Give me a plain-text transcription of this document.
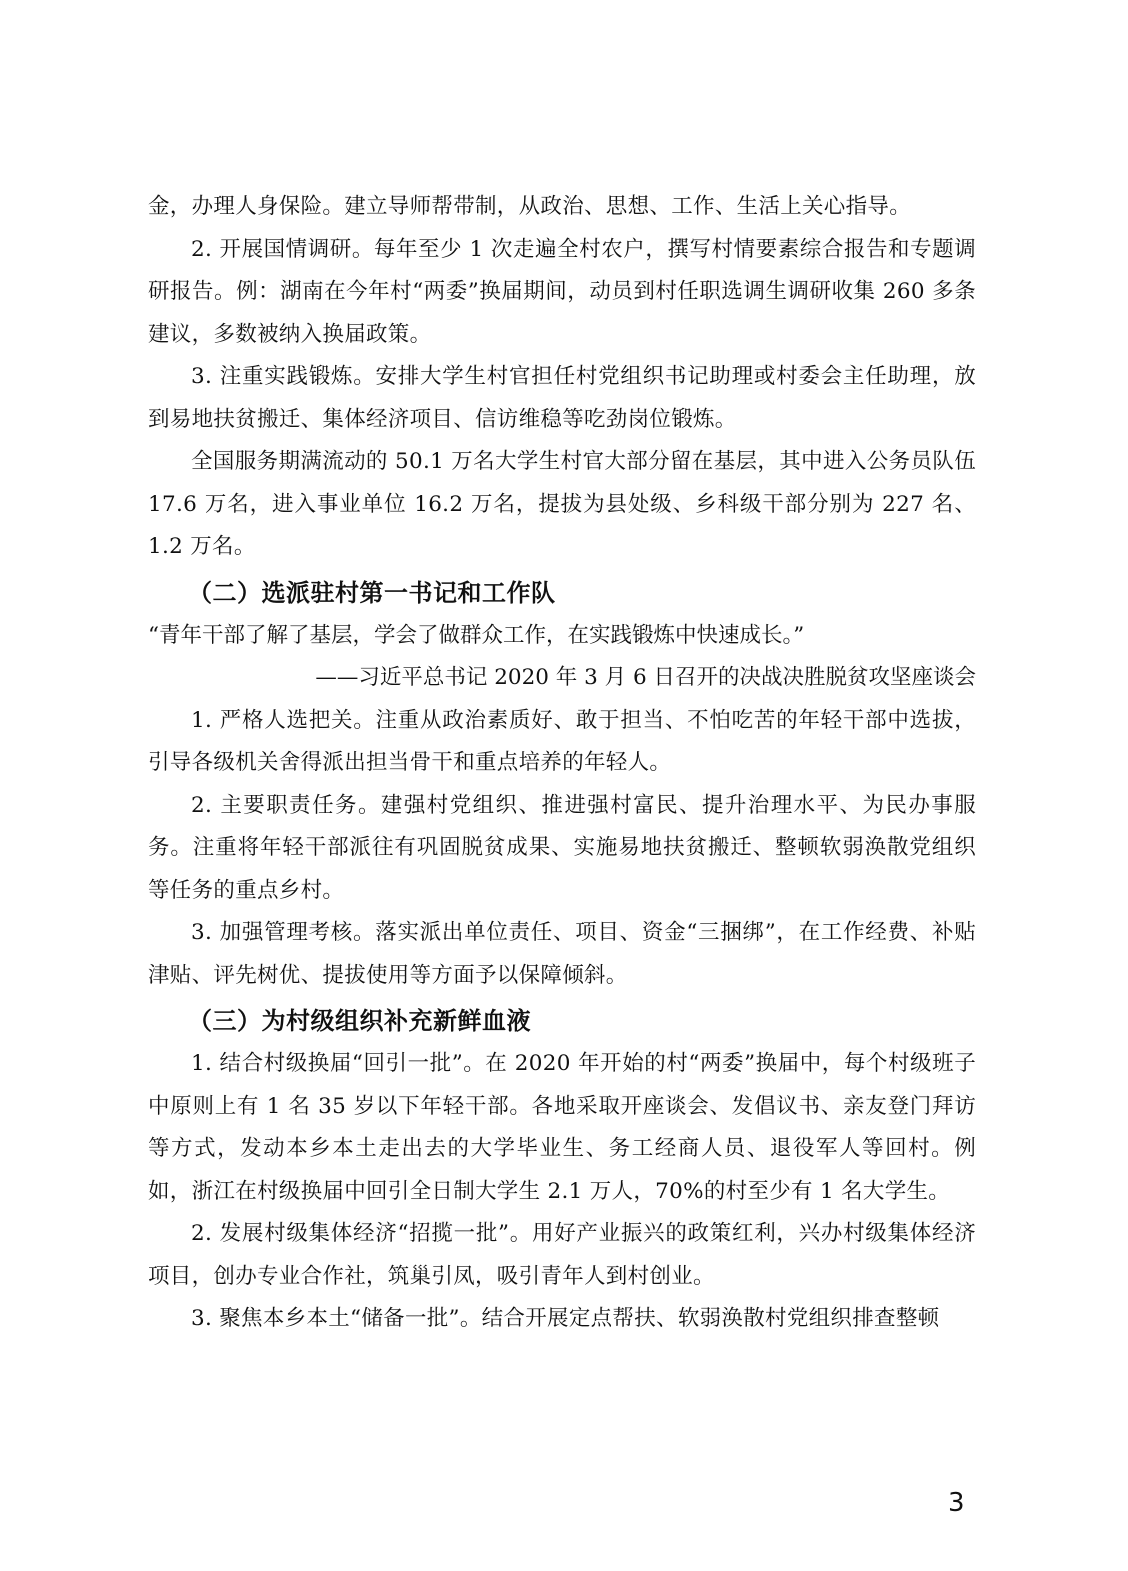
金，办理人身保险。建立导师帮带制，从政治、思想、工作、生活上关心指导。

2. 开展国情调研。每年至少 1 次走遍全村农户，撰写村情要素综合报告和专题调研报告。例：湖南在今年村“两委”换届期间，动员到村任职选调生调研收集 260 多条建议，多数被纳入换届政策。

3. 注重实践锻炼。安排大学生村官担任村党组织书记助理或村委会主任助理，放到易地扶贫搬迁、集体经济项目、信访维稳等吃劲岗位锻炼。

全国服务期满流动的 50.1 万名大学生村官大部分留在基层，其中进入公务员队伍 17.6 万名，进入事业单位 16.2 万名，提拔为县处级、乡科级干部分别为 227 名、1.2 万名。

（二）选派驻村第一书记和工作队

“青年干部了解了基层，学会了做群众工作，在实践锻炼中快速成长。”

——习近平总书记 2020 年 3 月 6 日召开的决战决胜脱贫攻坚座谈会

1. 严格人选把关。注重从政治素质好、敢于担当、不怕吃苦的年轻干部中选拔，引导各级机关舍得派出担当骨干和重点培养的年轻人。

2. 主要职责任务。建强村党组织、推进强村富民、提升治理水平、为民办事服务。注重将年轻干部派往有巩固脱贫成果、实施易地扶贫搬迁、整顿软弱涣散党组织等任务的重点乡村。

3. 加强管理考核。落实派出单位责任、项目、资金“三捆绑”，在工作经费、补贴津贴、评先树优、提拔使用等方面予以保障倾斜。

（三）为村级组织补充新鲜血液

1. 结合村级换届“回引一批”。在 2020 年开始的村“两委”换届中，每个村级班子中原则上有 1 名 35 岁以下年轻干部。各地采取开座谈会、发倡议书、亲友登门拜访等方式，发动本乡本土走出去的大学毕业生、务工经商人员、退役军人等回村。例如，浙江在村级换届中回引全日制大学生 2.1 万人，70%的村至少有 1 名大学生。

2. 发展村级集体经济“招揽一批”。用好产业振兴的政策红利，兴办村级集体经济项目，创办专业合作社，筑巢引凤，吸引青年人到村创业。

3. 聚焦本乡本土“储备一批”。结合开展定点帮扶、软弱涣散村党组织排查整顿

3
